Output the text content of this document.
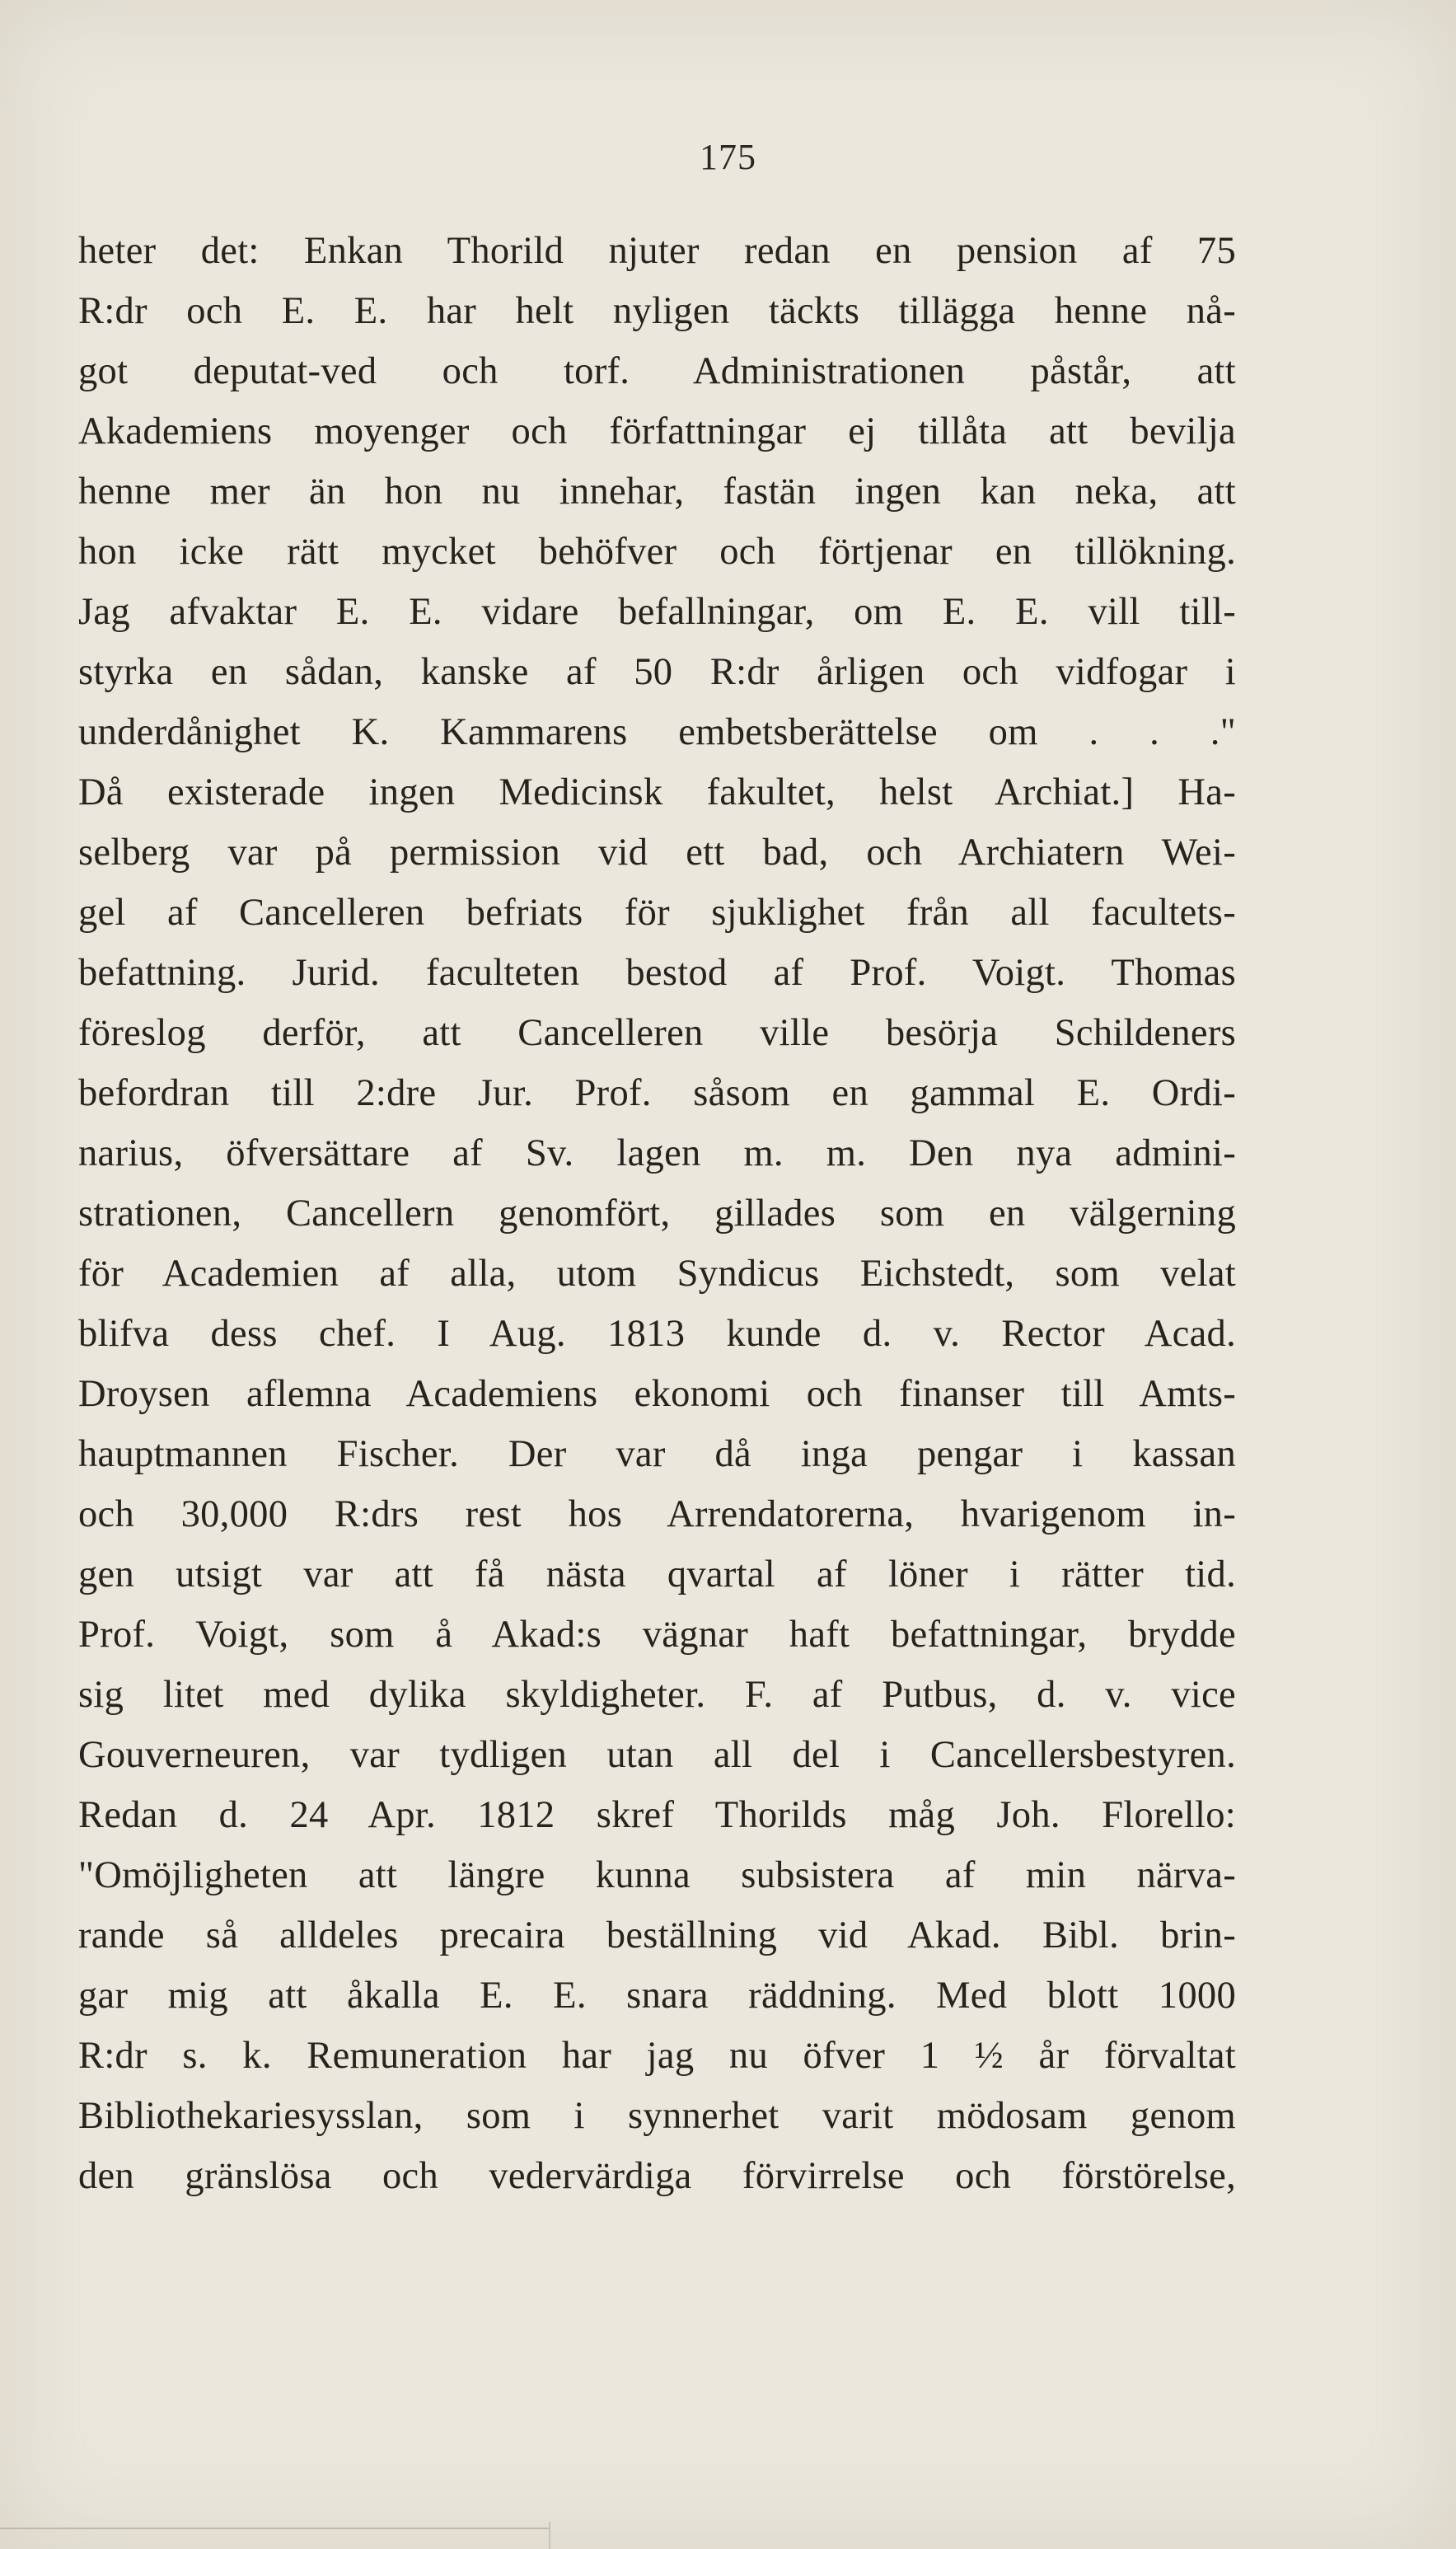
175
heter det: Enkan Thorild njuter redan en pension af 75
R:dr och E. E. har helt nyligen täckts tillägga henne nå-
got deputat-ved och torf. Administrationen påstår, att
Akademiens moyenger och författningar ej tillåta att bevilja
henne mer än hon nu innehar, fastän ingen kan neka, att
hon icke rätt mycket behöfver och förtjenar en tillökning.
Jag afvaktar E. E. vidare befallningar, om E. E. vill till-
styrka en sådan, kanske af 50 R:dr årligen och vidfogar i
underdånighet K. Kammarens embetsberättelse om . . ."
Då existerade ingen Medicinsk fakultet, helst Archiat.] Ha-
selberg var på permission vid ett bad, och Archiatern Wei-
gel af Cancelleren befriats för sjuklighet från all facultets-
befattning. Jurid. faculteten bestod af Prof. Voigt. Thomas
föreslog derför, att Cancelleren ville besörja Schildeners
befordran till 2:dre Jur. Prof. såsom en gammal E. Ordi-
narius, öfversättare af Sv. lagen m. m. Den nya admini-
strationen, Cancellern genomfört, gillades som en välgerning
för Academien af alla, utom Syndicus Eichstedt, som velat
blifva dess chef. I Aug. 1813 kunde d. v. Rector Acad.
Droysen aflemna Academiens ekonomi och finanser till Amts-
hauptmannen Fischer. Der var då inga pengar i kassan
och 30,000 R:drs rest hos Arrendatorerna, hvarigenom in-
gen utsigt var att få nästa qvartal af löner i rätter tid.
Prof. Voigt, som å Akad:s vägnar haft befattningar, brydde
sig litet med dylika skyldigheter. F. af Putbus, d. v. vice
Gouverneuren, var tydligen utan all del i Cancellersbestyren.
Redan d. 24 Apr. 1812 skref Thorilds måg Joh. Florello:
"Omöjligheten att längre kunna subsistera af min närva-
rande så alldeles precaira beställning vid Akad. Bibl. brin-
gar mig att åkalla E. E. snara räddning. Med blott 1000
R:dr s. k. Remuneration har jag nu öfver 1 ½ år förvaltat
Bibliothekariesysslan, som i synnerhet varit mödosam genom
den gränslösa och vedervärdiga förvirrelse och förstörelse,
